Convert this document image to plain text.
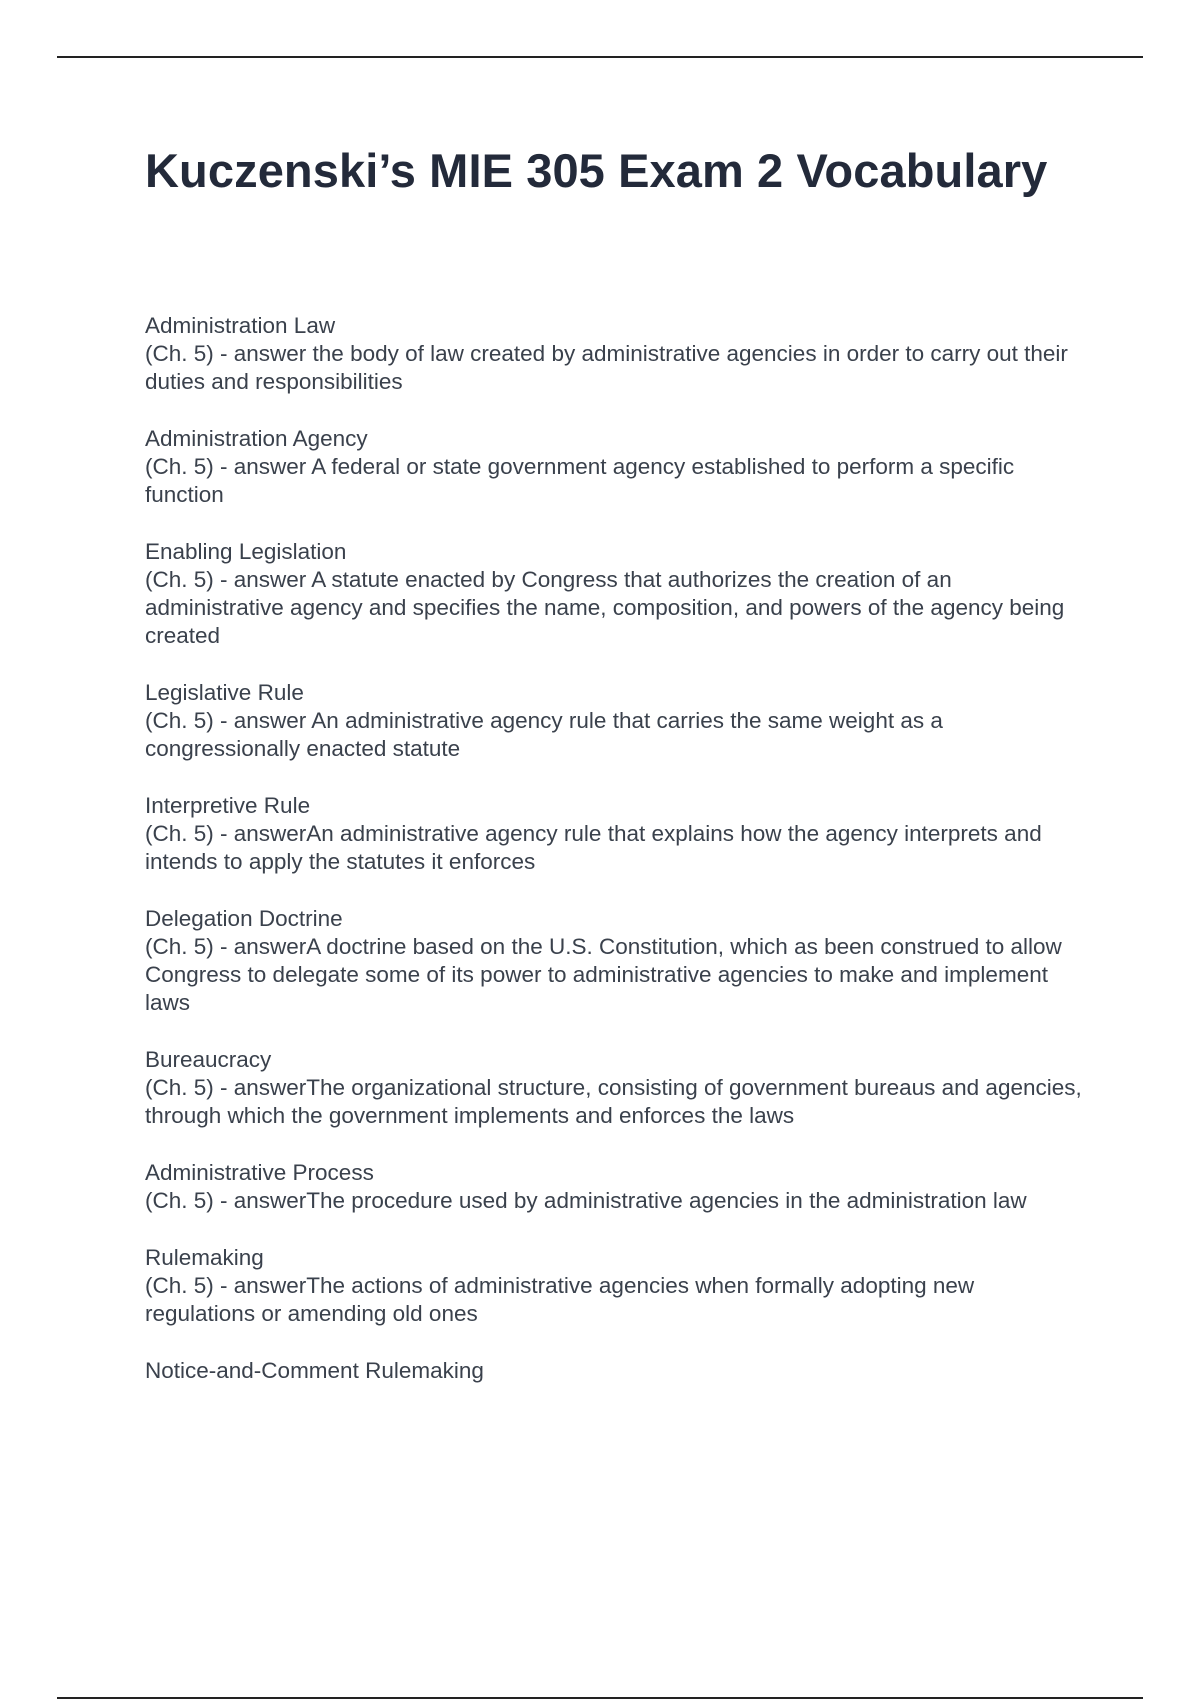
Kuczenski’s MIE 305 Exam 2 Vocabulary
Administration Law
(Ch. 5) - answer the body of law created by administrative agencies in order to carry out their duties and responsibilities
Administration Agency
(Ch. 5) - answer A federal or state government agency established to perform a specific function
Enabling Legislation
(Ch. 5) - answer A statute enacted by Congress that authorizes the creation of an administrative agency and specifies the name, composition, and powers of the agency being created
Legislative Rule
(Ch. 5) - answer An administrative agency rule that carries the same weight as a congressionally enacted statute
Interpretive Rule
(Ch. 5) - answerAn administrative agency rule that explains how the agency interprets and intends to apply the statutes it enforces
Delegation Doctrine
(Ch. 5) - answerA doctrine based on the U.S. Constitution, which as been construed to allow Congress to delegate some of its power to administrative agencies to make and implement laws
Bureaucracy
(Ch. 5) - answerThe organizational structure, consisting of government bureaus and agencies, through which the government implements and enforces the laws
Administrative Process
(Ch. 5) - answerThe procedure used by administrative agencies in the administration law
Rulemaking
(Ch. 5) - answerThe actions of administrative agencies when formally adopting new regulations or amending old ones
Notice-and-Comment Rulemaking
